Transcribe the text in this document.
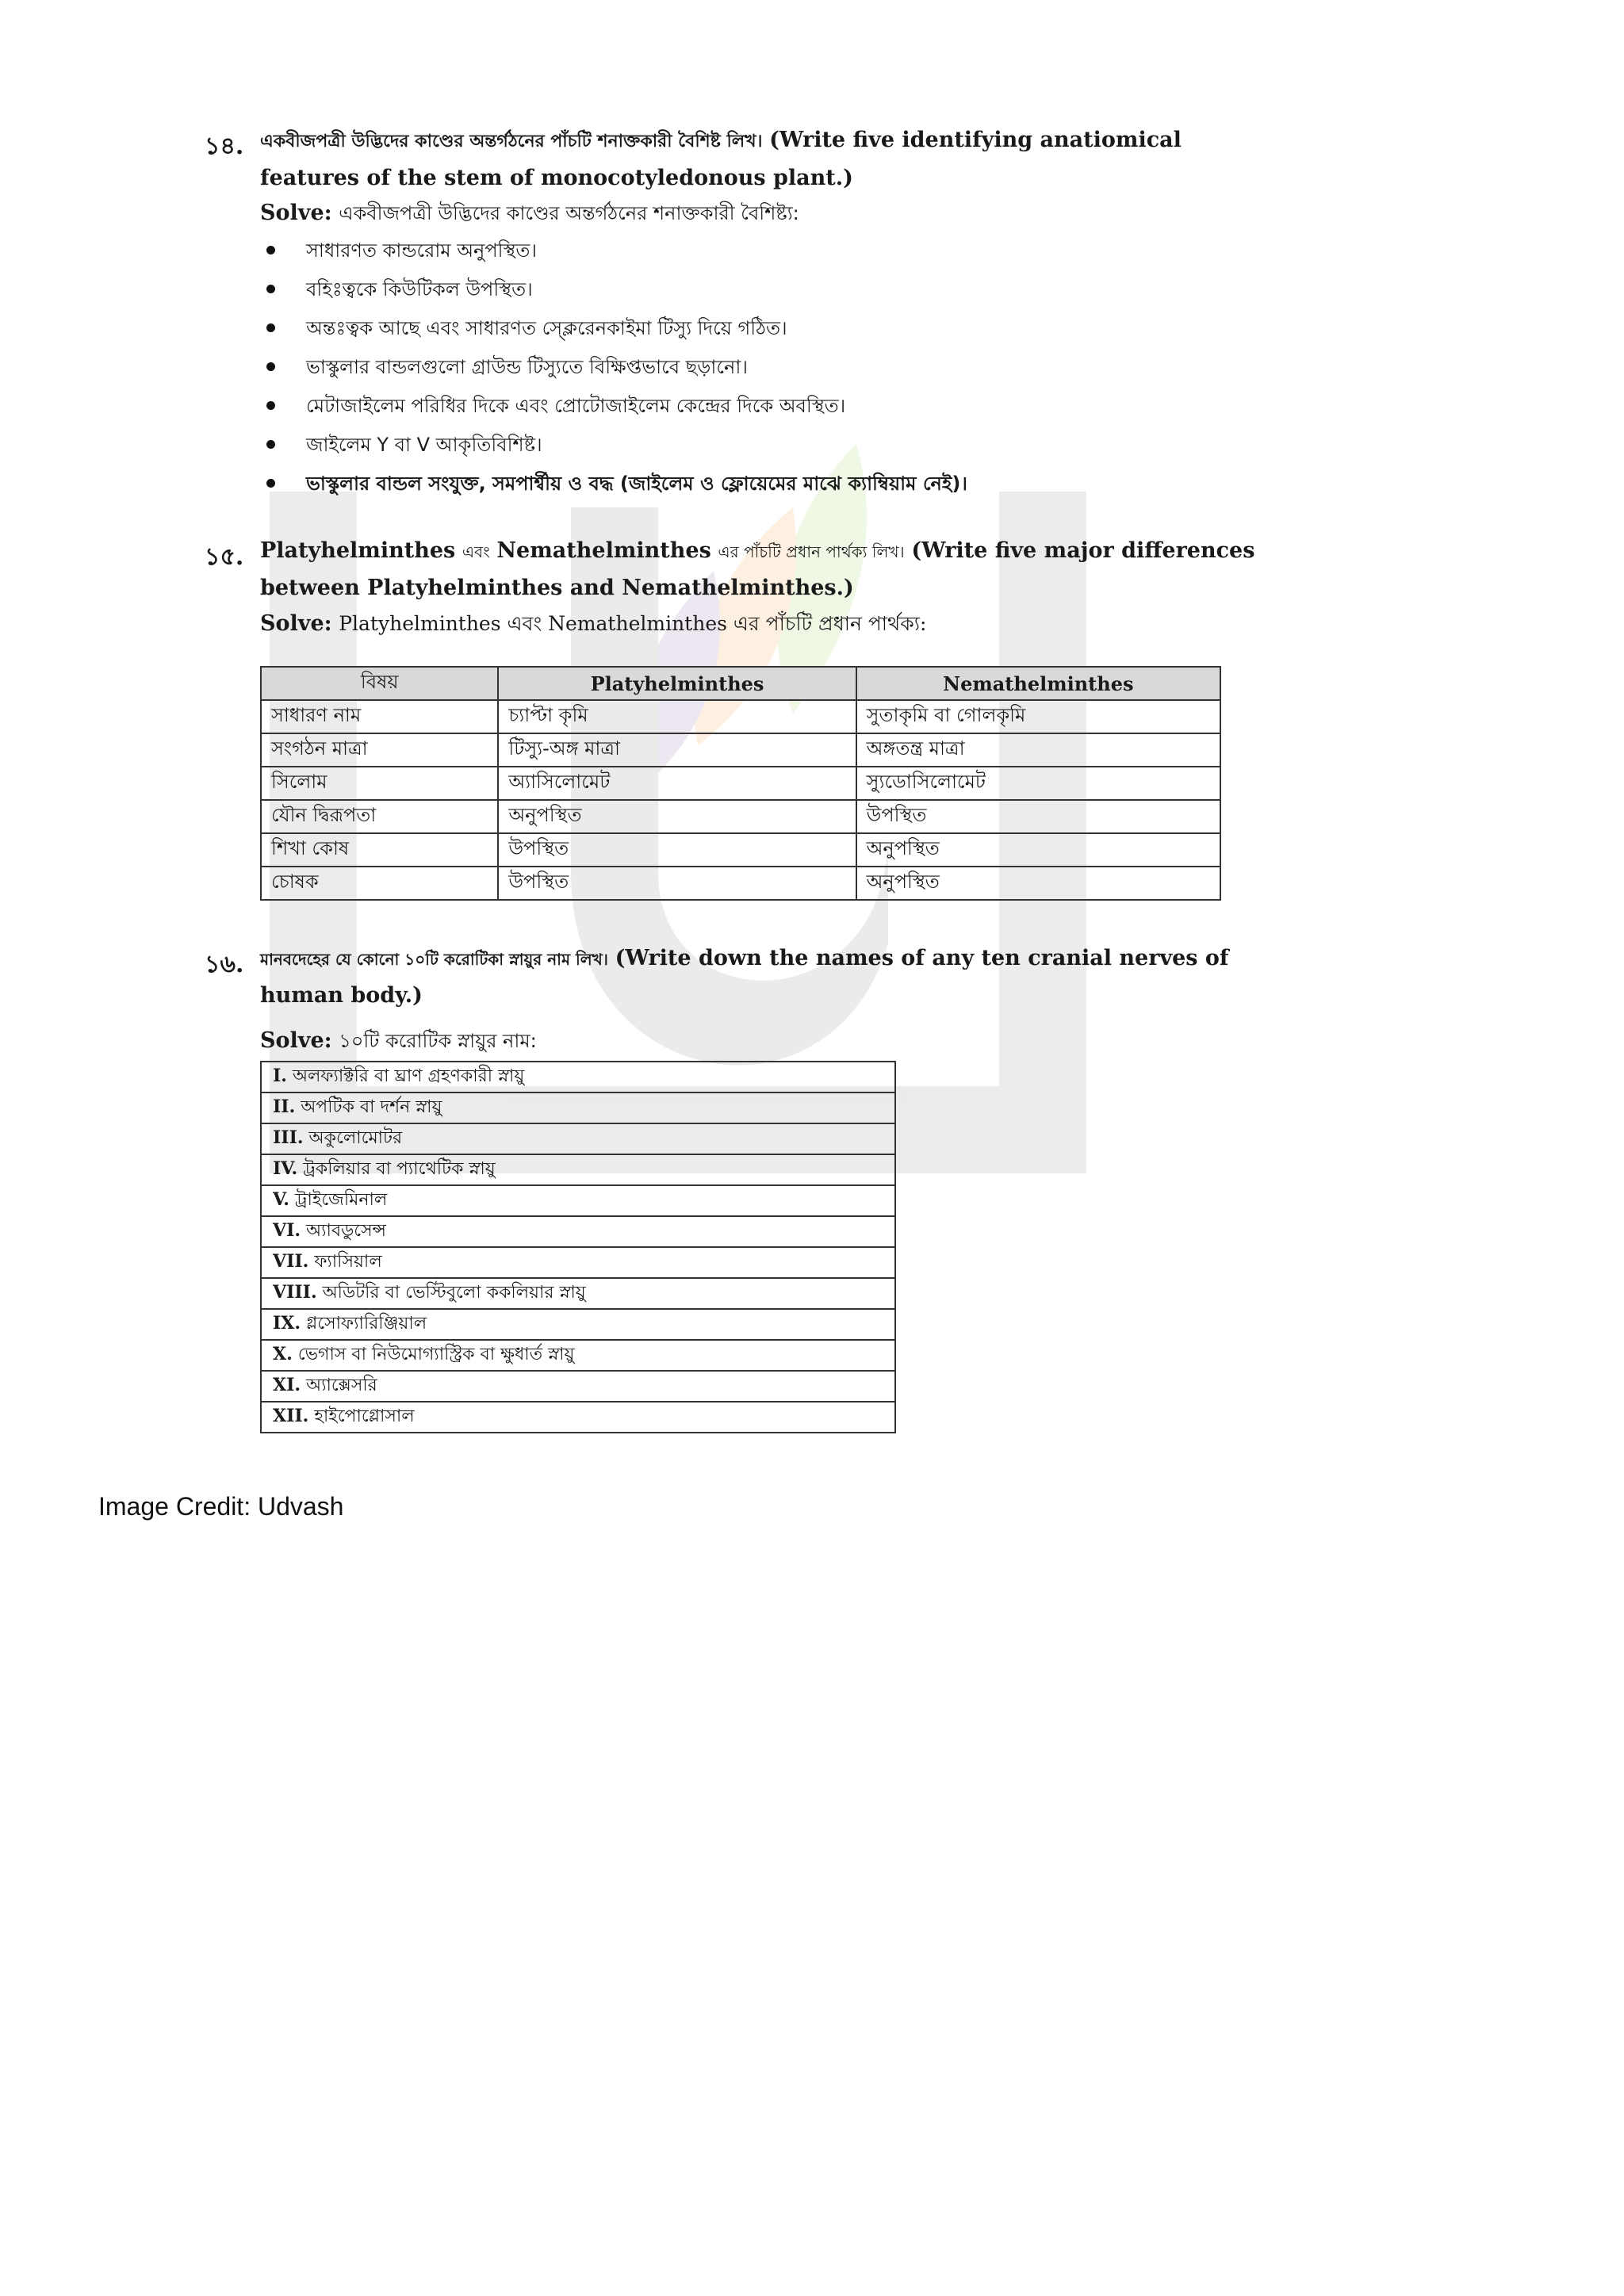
১৪. একবীজপত্রী উদ্ভিদের কাণ্ডের অন্তর্গঠনের পাঁচটি শনাক্তকারী বৈশিষ্ট লিখ। (Write five identifying anatiomical
features of the stem of monocotyledonous plant.)
Solve: একবীজপত্রী উদ্ভিদের কাণ্ডের অন্তর্গঠনের শনাক্তকারী বৈশিষ্ট্য:
সাধারণত কান্ডরোম অনুপস্থিত।
বহিঃত্বকে কিউটিকল উপস্থিত।
অন্তঃত্বক আছে এবং সাধারণত স্ক্লেরেনকাইমা টিস্যু দিয়ে গঠিত।
ভাস্কুলার বান্ডলগুলো গ্রাউন্ড টিস্যুতে বিক্ষিপ্তভাবে ছড়ানো।
মেটাজাইলেম পরিধির দিকে এবং প্রোটোজাইলেম কেন্দ্রের দিকে অবস্থিত।
জাইলেম Y বা V আকৃতিবিশিষ্ট।
ভাস্কুলার বান্ডল সংযুক্ত, সমপার্শ্বীয় ও বদ্ধ (জাইলেম ও ফ্লোয়েমের মাঝে ক্যাম্বিয়াম নেই)।
১৫. Platyhelminthes এবং Nemathelminthes এর পাঁচটি প্রধান পার্থক্য লিখ। (Write five major differences
between Platyhelminthes and Nemathelminthes.)
Solve: Platyhelminthes এবং Nemathelminthes এর পাঁচটি প্রধান পার্থক্য:
বিষয়	Platyhelminthes	Nemathelminthes
সাধারণ নাম	চ্যাপ্টা কৃমি	সুতাকৃমি বা গোলকৃমি
সংগঠন মাত্রা	টিস্যু-অঙ্গ মাত্রা	অঙ্গতন্ত্র মাত্রা
সিলোম	অ্যাসিলোমেট	স্যুডোসিলোমেট
যৌন দ্বিরূপতা	অনুপস্থিত	উপস্থিত
শিখা কোষ	উপস্থিত	অনুপস্থিত
চোষক	উপস্থিত	অনুপস্থিত
১৬. মানবদেহের যে কোনো ১০টি করোটিকা স্নায়ুর নাম লিখ। (Write down the names of any ten cranial nerves of
human body.)
Solve: ১০টি করোটিক স্নায়ুর নাম:
I. অলফ্যাক্টরি বা ঘ্রাণ গ্রহণকারী স্নায়ু
II. অপটিক বা দর্শন স্নায়ু
III. অকুলোমোটর
IV. ট্রকলিয়ার বা প্যাথেটিক স্নায়ু
V. ট্রাইজেমিনাল
VI. অ্যাবডুসেন্স
VII. ফ্যাসিয়াল
VIII. অডিটরি বা ভেস্টিবুলো ককলিয়ার স্নায়ু
IX. গ্লসোফ্যারিঞ্জিয়াল
X. ভেগাস বা নিউমোগ্যাস্ট্রিক বা ক্ষুধার্ত স্নায়ু
XI. অ্যাক্সেসরি
XII. হাইপোগ্লোসাল
Image Credit: Udvash
